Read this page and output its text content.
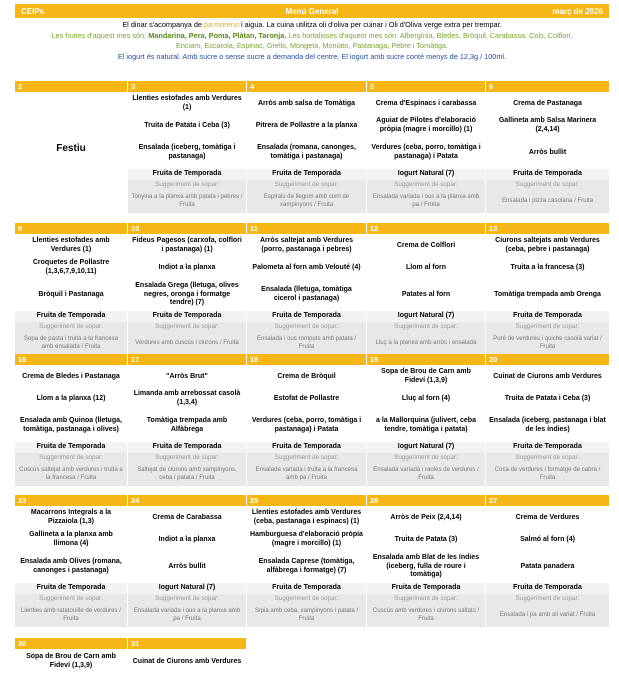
CEIPs	Menú General	març de 2026
El dinar s'acompanya de pa moreno i aigua. La cuina utilitza oli d'oliva per cuinar i Oli d'Oliva verge extra per trempar.
Les fruites d'aquest mes són: Mandarina, Pera, Poma, Plàtan, Taronja. Les hortalisses d'aquest mes són: Albergínia, Bledes, Bròquil, Carabassa, Cols, Colflori,
Enciam, Escarola, Espinac, Grells, Mongeta, Moniato, Pastanaga, Pebre i Tomàtiga.
El iogurt és natural. Amb sucre o sense sucre a demanda del centre. El iogurt amb sucre conté menys de 12,3g / 100ml.
2
Festiu
3
Llenties estofades amb Verdures (1)
Truita de Patata i Ceba (3)
Ensalada (iceberg, tomàtiga i pastanaga)
Fruita de Temporada
Suggeriment de sopar:
Tonyina a la planxa amb patata i pebres / Fruita
4
Arròs amb salsa de Tomàtiga
Pitrera de Pollastre a la planxa
Ensalada (romana, canonges, tomàtiga i pastanaga)
Fruita de Temporada
Suggeriment de sopar:
Espirals de llegum amb curri de xampinyons / Fruita
5
Crema d'Espinacs i carabassa
Aguiat de Pilotes d'elaboració pròpia (magre i morcillo) (1)
Verdures (ceba, porro, tomàtiga i pastanaga) i Patata
Iogurt Natural (7)
Suggeriment de sopar:
Ensalada variada i ous a la planxa amb pa / Fruita
6
Crema de Pastanaga
Gallineta amb Salsa Marinera (2,4,14)
Arròs bullit
Fruita de Temporada
Suggeriment de sopar:
Ensalada i pizza casolana / Fruita
9
Llenties estofades amb Verdures (1)
Croquetes de Pollastre (1,3,6,7,9,10,11)
Bròquil i Pastanaga
Fruita de Temporada
Suggeriment de sopar:
Sopa de pasta i truita a la francesa amb ensalada / Fruita
10
Fideus Pagesos (carxofa, colflori i pastanaga) (1)
Indiot a la planxa
Ensalada Grega (lletuga, olives negres, oronga i formatge tendre) (7)
Fruita de Temporada
Suggeriment de sopar:
Verdures amb cuscús i ciurons / Fruita
11
Arròs saltejat amb Verdures (porro, pastanaga i pebres)
Palometa al forn amb Velouté (4)
Ensalada (lletuga, tomàtiga cicerol i pastanaga)
Fruita de Temporada
Suggeriment de sopar:
Ensalada i ous romputs amb patata / Fruita
12
Crema de Colflori
Llom al forn
Patates al forn
Iogurt Natural (7)
Suggeriment de sopar:
Lluç a la planxa amb arròs i ensalada
13
Ciurons saltejats amb Verdures (ceba, pebre i pastanaga)
Truita a la francesa (3)
Tomàtiga trempada amb Orenga
Fruita de Temporada
Suggeriment de sopar:
Puré de verdures i quiche casolà variat / Fruita
16
Crema de Bledes i Pastanaga
Llom a la planxa (12)
Ensalada amb Quinoa (lletuga, tomàtiga, pastanaga i olives)
Fruita de Temporada
Suggeriment de sopar:
Cuscús saltejat amb verdures i truita a la francesa / Fruita
17
"Arròs Brut"
Limanda amb arrebossat casolà (1,3,4)
Tomàtiga trempada amb Alfàbrega
Fruita de Temporada
Suggeriment de sopar:
Saltejat de ciurons amb xampinyons, ceba i patata / Fruita
18
Crema de Bròquil
Estofat de Pollastre
Verdures (ceba, porro, tomàtiga i pastanaga) i Patata
Fruita de Temporada
Suggeriment de sopar:
Ensalada variada i truita a la francesa amb pa / Fruita
19
Sopa de Brou de Carn amb Fideví (1,3,9)
Lluç al forn (4)
a la Mallorquina (julivert, ceba tendre, tomàtiga i patata)
Iogurt Natural (7)
Suggeriment de sopar:
Ensalada variada i raoles de verdures / Fruita
20
Cuinat de Ciurons amb Verdures
Truita de Patata i Ceba (3)
Ensalada (iceberg, pastanaga i blat de les índies)
Fruita de Temporada
Suggeriment de sopar:
Coca de verdures i formatge de cabra / Fruita
23
Macarrons Integrals a la Pizzaiola (1,3)
Gallineta a la planxa amb llimona (4)
Ensalada amb Olives (romana, canonges i pastanaga)
Fruita de Temporada
Suggeriment de sopar:
Llenties amb ratatouille de verdures / Fruita
24
Crema de Carabassa
Indiot a la planxa
Arròs bullit
Iogurt Natural (7)
Suggeriment de sopar:
Ensalada variada i ous a la planxa amb pa / Fruita
25
Llenties estofades amb Verdures (ceba, pastanaga i espinacs) (1)
Hamburguesa d'elaboració pròpia (magre i morcillo) (1)
Ensalada Caprese (tomàtiga, alfàbrega i formatge) (7)
Fruita de Temporada
Suggeriment de sopar:
Sípia amb ceba, xampinyons i patata / Fruita
26
Arròs de Peix (2,4,14)
Truita de Patata (3)
Ensalada amb Blat de les índies (iceberg, fulla de roure i tomàtiga)
Fruita de Temporada
Suggeriment de sopar:
Cuscús amb verdures i ciurons saltats / Fruita
27
Crema de Verdures
Salmó al forn (4)
Patata panadera
Fruita de Temporada
Suggeriment de sopar:
Ensalada i pa amb oli variat / Fruita
30
Sopa de Brou de Carn amb Fideví (1,3,9)
31
Cuinat de Ciurons amb Verdures
